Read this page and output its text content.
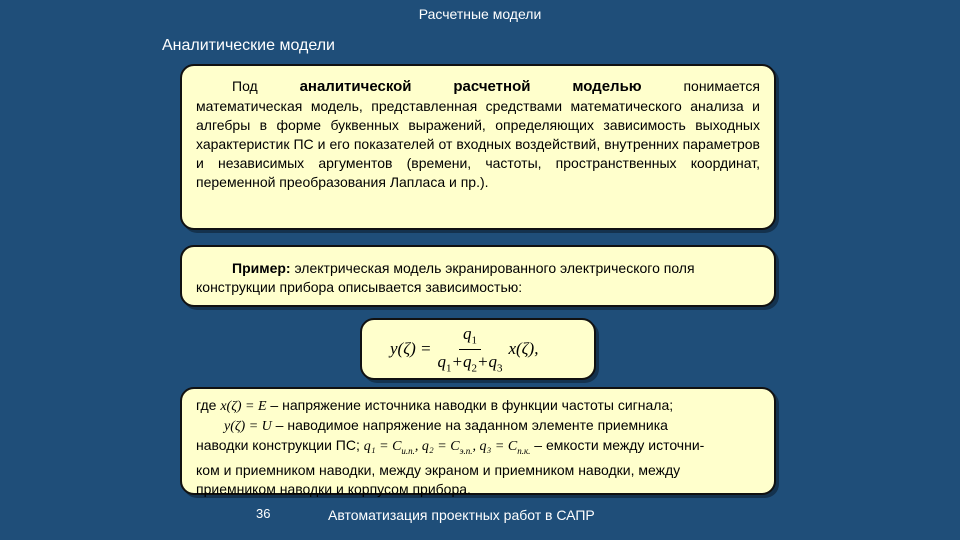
Расчетные модели
Аналитические модели
Под	аналитической	расчетной	моделью	понимается

математическая модель, представленная средствами математического анализа и алгебры в форме буквенных выражений, определяющих зависимость выходных характеристик ПС и его показателей от входных воздействий, внутренних параметров и независимых аргументов (времени, частоты, пространственных координат, переменной преобразования Лапласа и пр.).

Пример: электрическая модель экранированного электрического поля конструкции прибора описывается зависимостью:

$y(\zeta) = \frac{q_1}{q_1+q_2+q_3} x(\zeta)$,

где x(ζ) = E – напряжение источника наводки в функции частоты сигнала;

y(ζ) = U – наводимое напряжение на заданном элементе приемника

наводки конструкции ПС; $q_1 = C_{и.п.}$, $q_2 = C_{э.п.}$, $q_3 = C_{п.к.}$ – емкости между источни-

ком и приемником наводки, между экраном и приемником наводки, между приемником наводки и корпусом прибора.

36	Автоматизация проектных работ в САПР
